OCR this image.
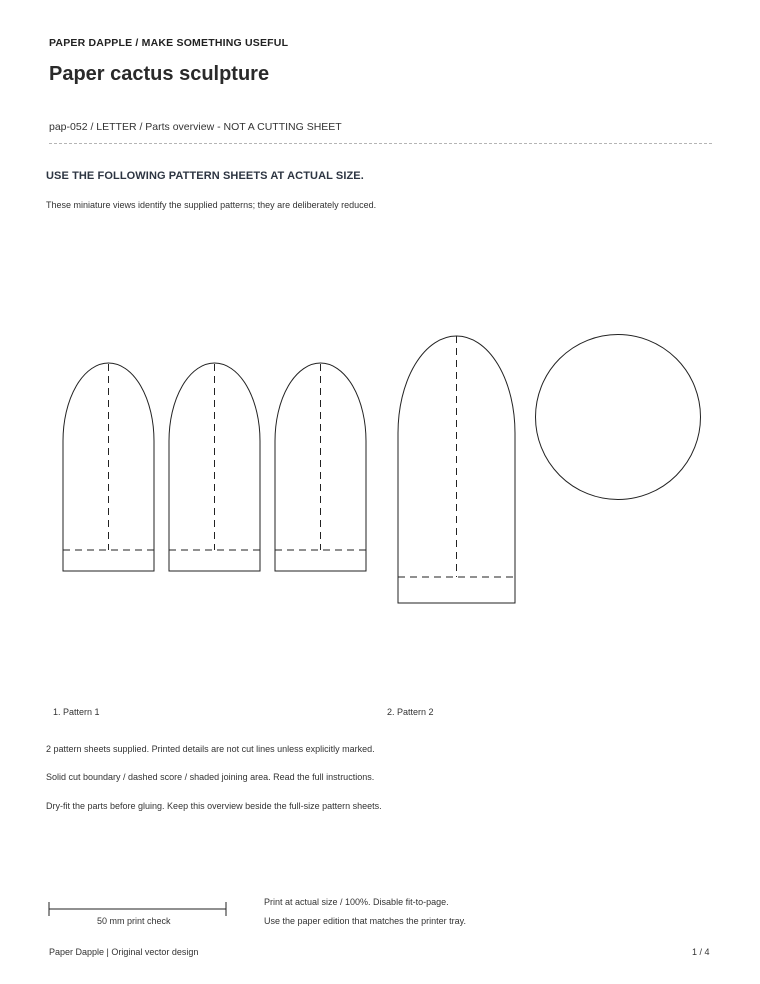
PAPER DAPPLE / MAKE SOMETHING USEFUL
Paper cactus sculpture
pap-052 / LETTER / Parts overview - NOT A CUTTING SHEET
USE THE FOLLOWING PATTERN SHEETS AT ACTUAL SIZE.
These miniature views identify the supplied patterns; they are deliberately reduced.
1. Pattern 1	2. Pattern 2
2 pattern sheets supplied. Printed details are not cut lines unless explicitly marked.
Solid cut boundary / dashed score / shaded joining area. Read the full instructions.
Dry-fit the parts before gluing. Keep this overview beside the full-size pattern sheets.
50 mm print check
Print at actual size / 100%. Disable fit-to-page.
Use the paper edition that matches the printer tray.
Paper Dapple | Original vector design	1 / 4
